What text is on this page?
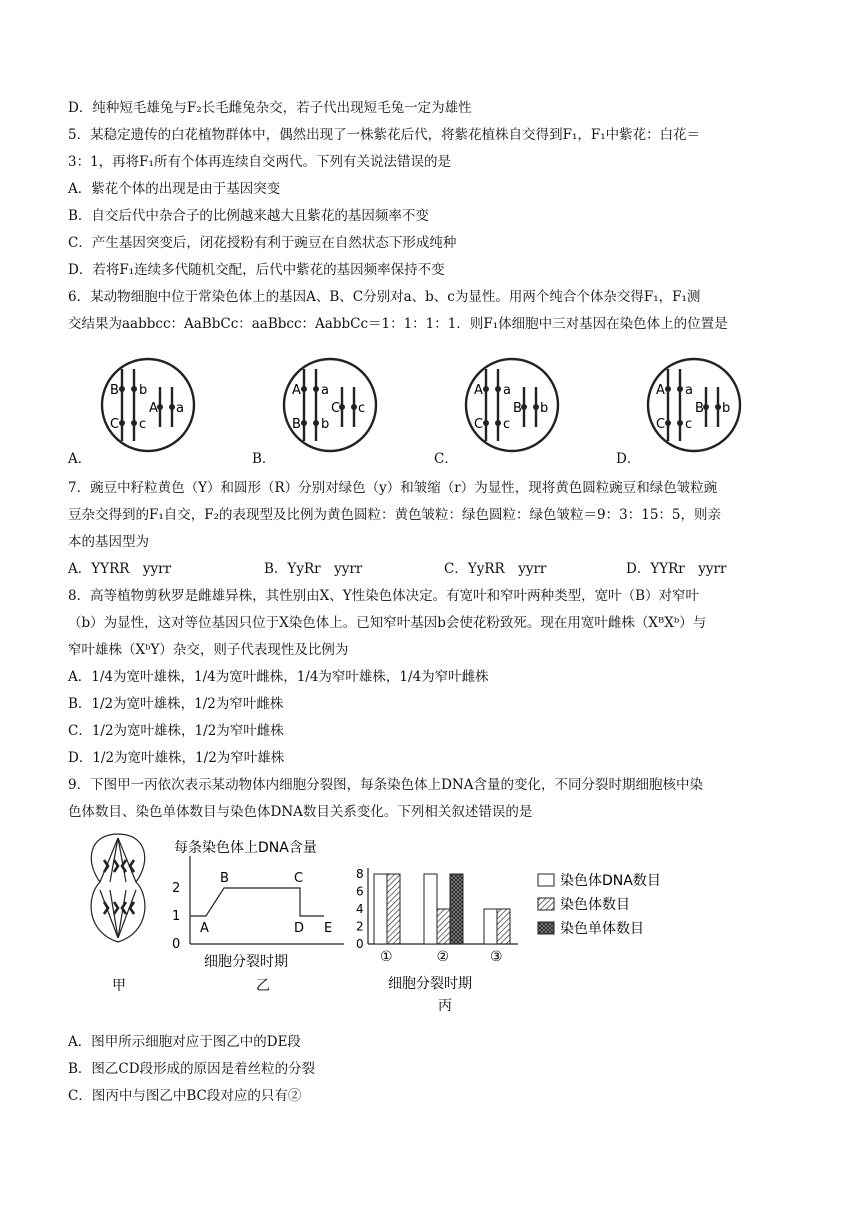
D．纯种短毛雄兔与F₂长毛雌兔杂交，若子代出现短毛兔一定为雄性
5．某稳定遗传的白花植物群体中，偶然出现了一株紫花后代，将紫花植株自交得到F₁，F₁中紫花：白花＝
3：1，再将F₁所有个体再连续自交两代。下列有关说法错误的是
A．紫花个体的出现是由于基因突变
B．自交后代中杂合子的比例越来越大且紫花的基因频率不变
C．产生基因突变后，闭花授粉有利于豌豆在自然状态下形成纯种
D．若将F₁连续多代随机交配，后代中紫花的基因频率保持不变
6．某动物细胞中位于常染色体上的基因A、B、C分别对a、b、c为显性。用两个纯合个体杂交得F₁，F₁测
交结果为aabbcc：AaBbCc：aaBbcc：AabbCc＝1：1：1：1．则F₁体细胞中三对基因在染色体上的位置是
B b
C c
A a
A a
B b
C c
A a
C c
B b
A a
C c
B b
A．	B．	C．	D．
7．豌豆中籽粒黄色（Y）和圆形（R）分别对绿色（y）和皱缩（r）为显性，现将黄色圆粒豌豆和绿色皱粒豌
豆杂交得到的F₁自交，F₂的表现型及比例为黄色圆粒：黄色皱粒：绿色圆粒：绿色皱粒＝9：3：15：5，则亲
本的基因型为
A．YYRR　yyrr	B．YyRr　yyrr	C．YyRR　yyrr	D．YYRr　yyrr
8．高等植物剪秋罗是雌雄异株，其性别由X、Y性染色体决定。有宽叶和窄叶两种类型，宽叶（B）对窄叶
（b）为显性，这对等位基因只位于X染色体上。已知窄叶基因b会使花粉致死。现在用宽叶雌株（XᴮXᵇ）与
窄叶雄株（XᵇY）杂交，则子代表现性及比例为
A．1/4为宽叶雄株，1/4为宽叶雌株，1/4为窄叶雄株，1/4为窄叶雌株
B．1/2为宽叶雄株，1/2为窄叶雌株
C．1/2为宽叶雄株，1/2为窄叶雌株
D．1/2为宽叶雄株，1/2为窄叶雄株
9．下图甲一丙依次表示某动物体内细胞分裂图，每条染色体上DNA含量的变化，不同分裂时期细胞核中染
色体数目、染色单体数目与染色体DNA数目关系变化。下列相关叙述错误的是
甲
每条染色体上DNA含量
0
1
2
A
B	C
D E
细胞分裂时期
乙
0
2
4
6
8
①	②	③
细胞分裂时期
丙
染色体DNA数目
染色体数目
染色单体数目
A．图甲所示细胞对应于图乙中的DE段
B．图乙CD段形成的原因是着丝粒的分裂
C．图丙中与图乙中BC段对应的只有②
